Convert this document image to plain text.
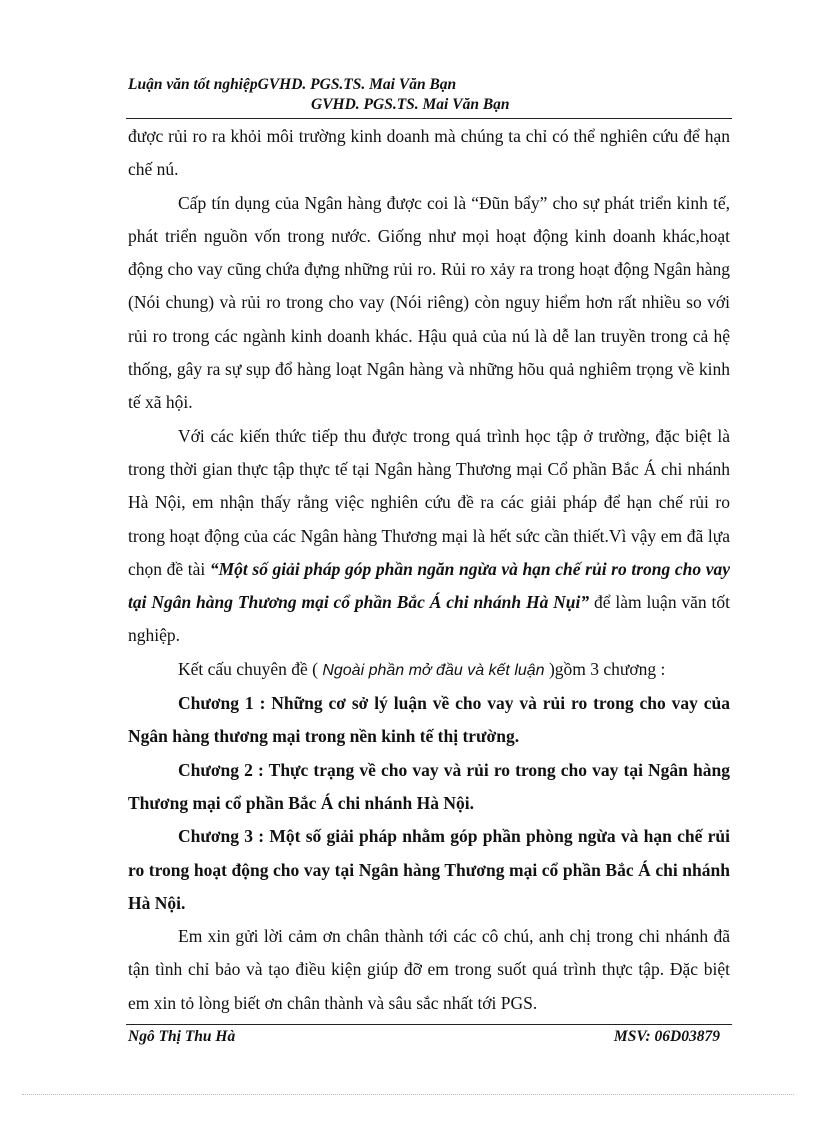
Luận văn tốt nghiệpGVHD. PGS.TS. Mai Văn Bạn
GVHD. PGS.TS. Mai Văn Bạn

được rủi ro ra khỏi môi trường kinh doanh mà chúng ta chỉ có thể nghiên cứu để hạn chế nú.

Cấp tín dụng của Ngân hàng được coi là “Đũn bẩy” cho sự phát triển kinh tế, phát triển nguồn vốn trong nước. Giống như mọi hoạt động kinh doanh khác,hoạt động cho vay cũng chứa đựng những rủi ro. Rủi ro xảy ra trong hoạt động Ngân hàng (Nói chung) và rủi ro trong cho vay (Nói riêng) còn nguy hiểm hơn rất nhiều so với rủi ro trong các ngành kinh doanh khác. Hậu quả của nú là dễ lan truyền trong cả hệ thống, gây ra sự sụp đổ hàng loạt Ngân hàng và những hõu quả nghiêm trọng về kinh tế xã hội.

Với các kiến thức tiếp thu được trong quá trình học tập ở trường, đặc biệt là trong thời gian thực tập thực tế tại Ngân hàng Thương mại Cổ phần Bắc Á chi nhánh Hà Nội, em nhận thấy rằng việc nghiên cứu đề ra các giải pháp để hạn chế rủi ro trong hoạt động của các Ngân hàng Thương mại là hết sức cần thiết.Vì vậy em đã lựa chọn đề tài “Một số giải pháp góp phần ngăn ngừa và hạn chế rủi ro trong cho vay tại Ngân hàng Thương mại cổ phần Bắc Á chi nhánh Hà Nụi” để làm luận văn tốt nghiệp.

Kết cấu chuyên đề ( Ngoài phần mở đầu và kết luận )gồm 3 chương :

Chương 1 : Những cơ sở lý luận về cho vay và rủi ro trong cho vay của Ngân hàng thương mại trong nền kinh tế thị trường.

Chương 2 : Thực trạng về cho vay và rủi ro trong cho vay tại Ngân hàng Thương mại cổ phần Bắc Á chi nhánh Hà Nội.

Chương 3 : Một số giải pháp nhằm góp phần phòng ngừa và hạn chế rủi ro trong hoạt động cho vay tại Ngân hàng Thương mại cổ phần Bắc Á chi nhánh Hà Nội.

Em xin gửi lời cảm ơn chân thành tới các cô chú, anh chị trong chi nhánh đã tận tình chỉ bảo và tạo điều kiện giúp đỡ em trong suốt quá trình thực tập. Đặc biệt em xin tỏ lòng biết ơn chân thành và sâu sắc nhất tới PGS.

Ngô Thị Thu Hà	MSV: 06D03879
